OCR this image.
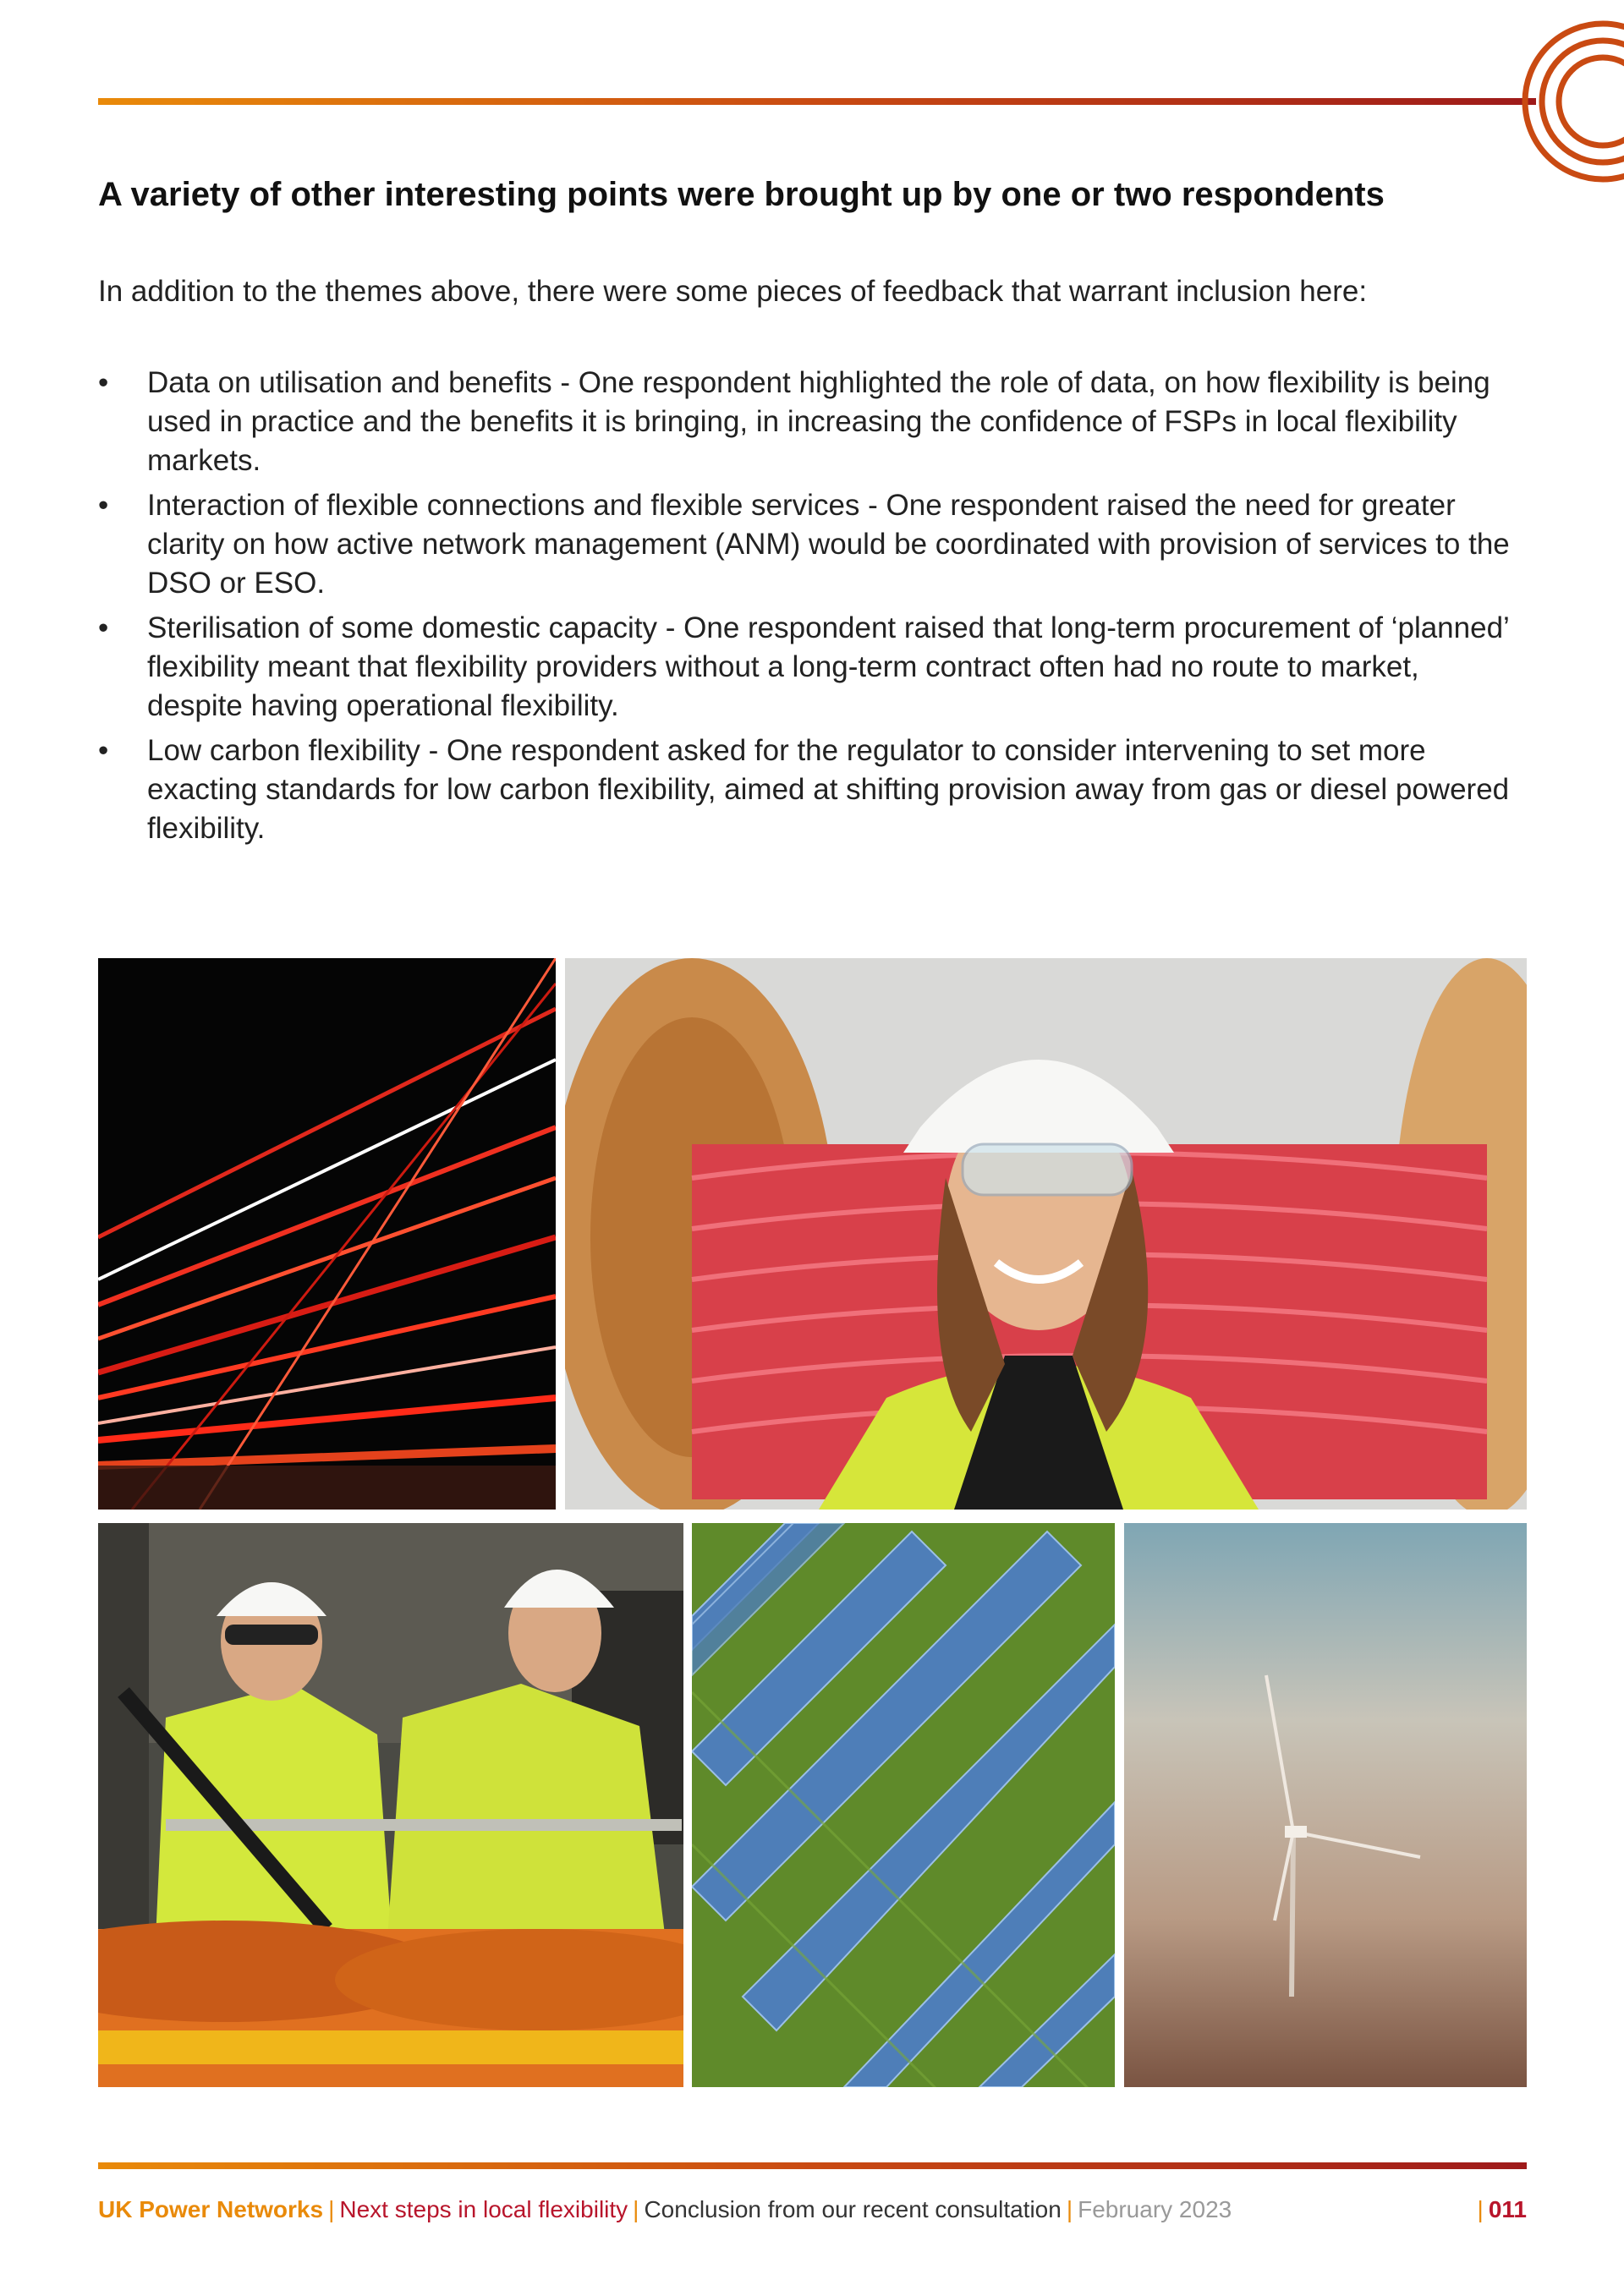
A variety of other interesting points were brought up by one or two respondents
In addition to the themes above, there were some pieces of feedback that warrant inclusion here:
• Data on utilisation and benefits - One respondent highlighted the role of data, on how flexibility is being used in practice and the benefits it is bringing, in increasing the confidence of FSPs in local flexibility markets.
• Interaction of flexible connections and flexible services - One respondent raised the need for greater clarity on how active network management (ANM) would be coordinated with provision of services to the DSO or ESO.
• Sterilisation of some domestic capacity - One respondent raised that long-term procurement of ‘planned’ flexibility meant that flexibility providers without a long-term contract often had no route to market, despite having operational flexibility.
• Low carbon flexibility - One respondent asked for the regulator to consider intervening to set more exacting standards for low carbon flexibility, aimed at shifting provision away from gas or diesel powered flexibility.
UK Power Networks | Next steps in local flexibility | Conclusion from our recent consultation | February 2023	| 011
